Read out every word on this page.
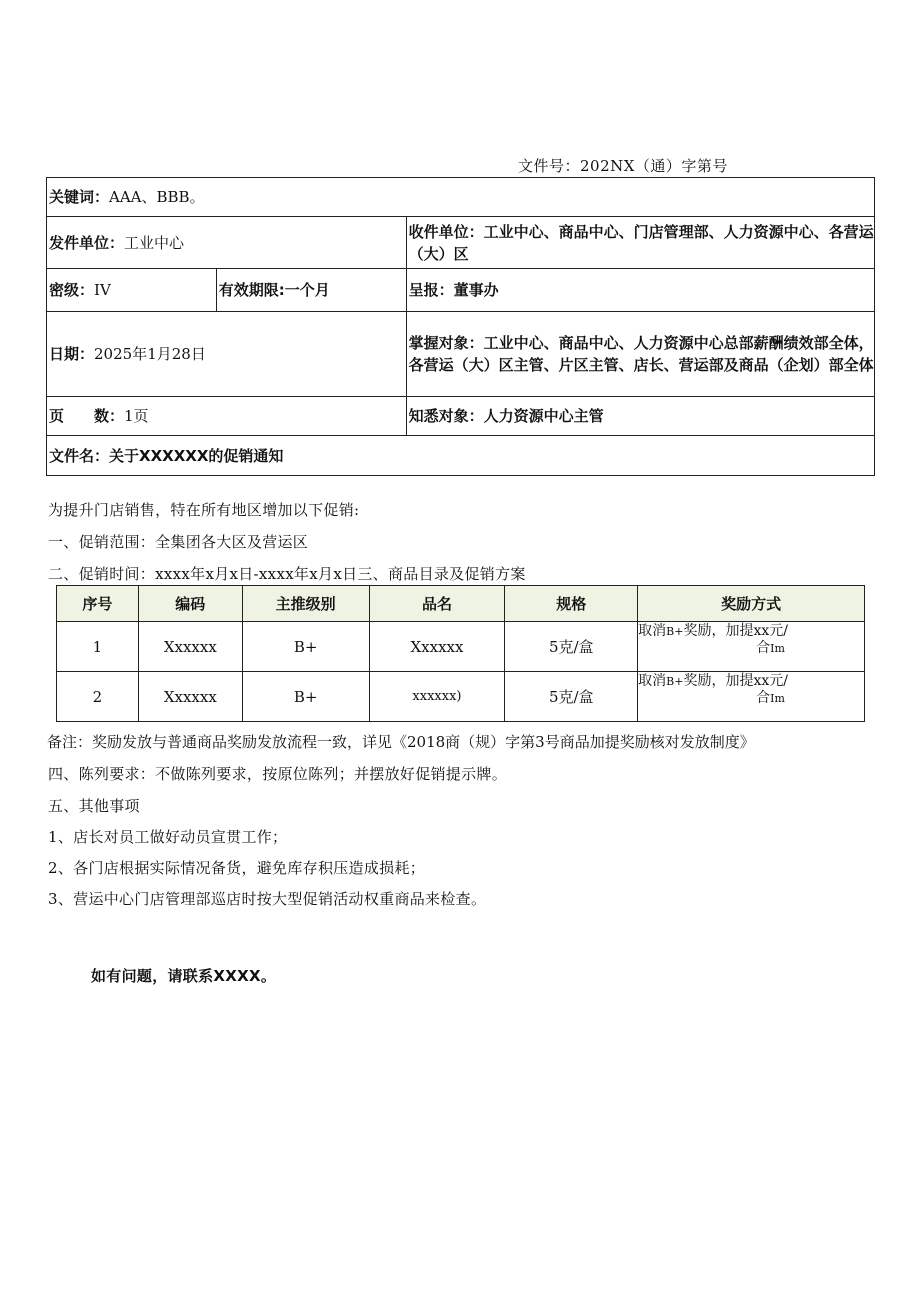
文件号：202NX（通）字第号
关键词：AAA、BBB。		
发件单位：工业中心		收件单位：工业中心、商品中心、门店管理部、人力资源中心、各营运（大）区
密级：IV	有效期限:一个月	呈报：董事办
日期：2025年1月28日		掌握对象：工业中心、商品中心、人力资源中心总部薪酬绩效部全体，各营运（大）区主管、片区主管、店长、营运部及商品（企划）部全体
页　　数：1页		知悉对象：人力资源中心主管
文件名：关于XXXXXX的促销通知		
为提升门店销售，特在所有地区增加以下促销:
一、促销范围：全集团各大区及营运区
二、促销时间：xxxx年x月x日-xxxx年x月x日三、商品目录及促销方案
序号	编码	主推级别	品名	规格	奖励方式
1	Xxxxxx	B+	Xxxxxx	5克/盒	取消B+奖励，加提xx元/
合Im

2	Xxxxxx	B+	xxxxxx)	5克/盒	取消B+奖励，加提xx元/
合Im
备注：奖励发放与普通商品奖励发放流程一致，详见《2018商（规）字第3号商品加提奖励核对发放制度》
四、陈列要求：不做陈列要求，按原位陈列；并摆放好促销提示牌。
五、其他事项
1、店长对员工做好动员宣贯工作；
2、各门店根据实际情况备货，避免库存积压造成损耗；
3、营运中心门店管理部巡店时按大型促销活动权重商品来检查。
如有问题，请联系XXXX。
